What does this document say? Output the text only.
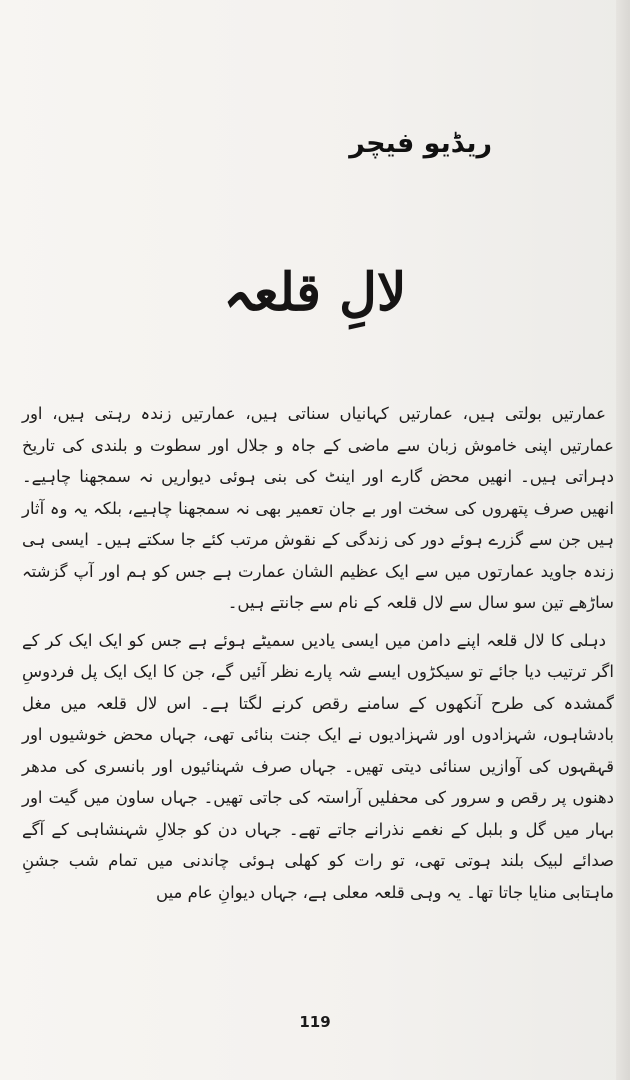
ریڈیو فیچر
لالِ قلعہ

عمارتیں بولتی ہیں، عمارتیں کہانیاں سناتی ہیں، عمارتیں زندہ رہتی ہیں، اور عمارتیں اپنی خاموش زبان سے ماضی کے جاہ و جلال اور سطوت و بلندی کی تاریخ دہراتی ہیں۔ انھیں محض گارے اور اینٹ کی بنی ہوئی دیواریں نہ سمجھنا چاہیے۔ انھیں صرف پتھروں کی سخت اور بے جان تعمیر بھی نہ سمجھنا چاہیے، بلکہ یہ وہ آثار ہیں جن سے گزرے ہوئے دور کی زندگی کے نقوش مرتب کئے جا سکتے ہیں۔ ایسی ہی زندہ جاوید عمارتوں میں سے ایک عظیم الشان عمارت ہے جس کو ہم اور آپ گزشتہ ساڑھے تین سو سال سے لال قلعہ کے نام سے جانتے ہیں۔

دہلی کا لال قلعہ اپنے دامن میں ایسی یادیں سمیٹے ہوئے ہے جس کو ایک ایک کر کے اگر ترتیب دیا جائے تو سیکڑوں ایسے شہ پارے نظر آئیں گے، جن کا ایک ایک پل فردوسِ گمشدہ کی طرح آنکھوں کے سامنے رقص کرنے لگتا ہے۔ اس لال قلعہ میں مغل بادشاہوں، شہزادوں اور شہزادیوں نے ایک جنت بنائی تھی، جہاں محض خوشیوں اور قہقہوں کی آوازیں سنائی دیتی تھیں۔ جہاں صرف شہنائیوں اور بانسری کی مدھر دھنوں پر رقص و سرور کی محفلیں آراستہ کی جاتی تھیں۔ جہاں ساون میں گیت اور بہار میں گل و بلبل کے نغمے نذرانے جاتے تھے۔ جہاں دن کو جلالِ شہنشاہی کے آگے صدائے لبیک بلند ہوتی تھی، تو رات کو کھلی ہوئی چاندنی میں تمام شب جشنِ ماہتابی منایا جاتا تھا۔ یہ وہی قلعہ معلی ہے، جہاں دیوانِ عام میں

119
